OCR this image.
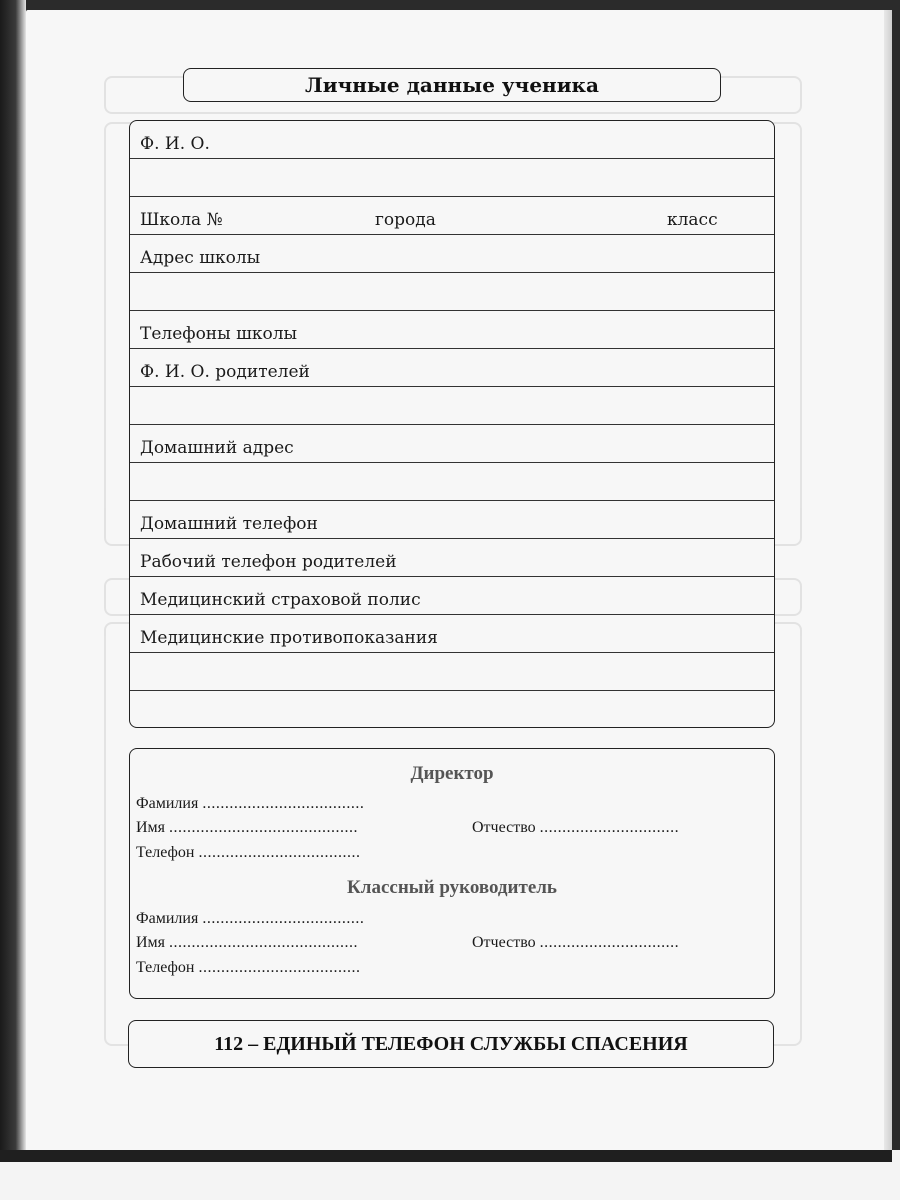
Личные данные ученика
Ф. И. О.
Школа №	города	класс
Адрес школы
Телефоны школы
Ф. И. О. родителей
Домашний адрес
Домашний телефон
Рабочий телефон родителей
Медицинский страховой полис
Медицинские противопоказания
Директор
Фамилия ....................................
Имя ..........................................	Отчество ...............................
Телефон ....................................
Классный руководитель
Фамилия ....................................
Имя ..........................................	Отчество ...............................
Телефон ....................................
112 – ЕДИНЫЙ ТЕЛЕФОН СЛУЖБЫ СПАСЕНИЯ
